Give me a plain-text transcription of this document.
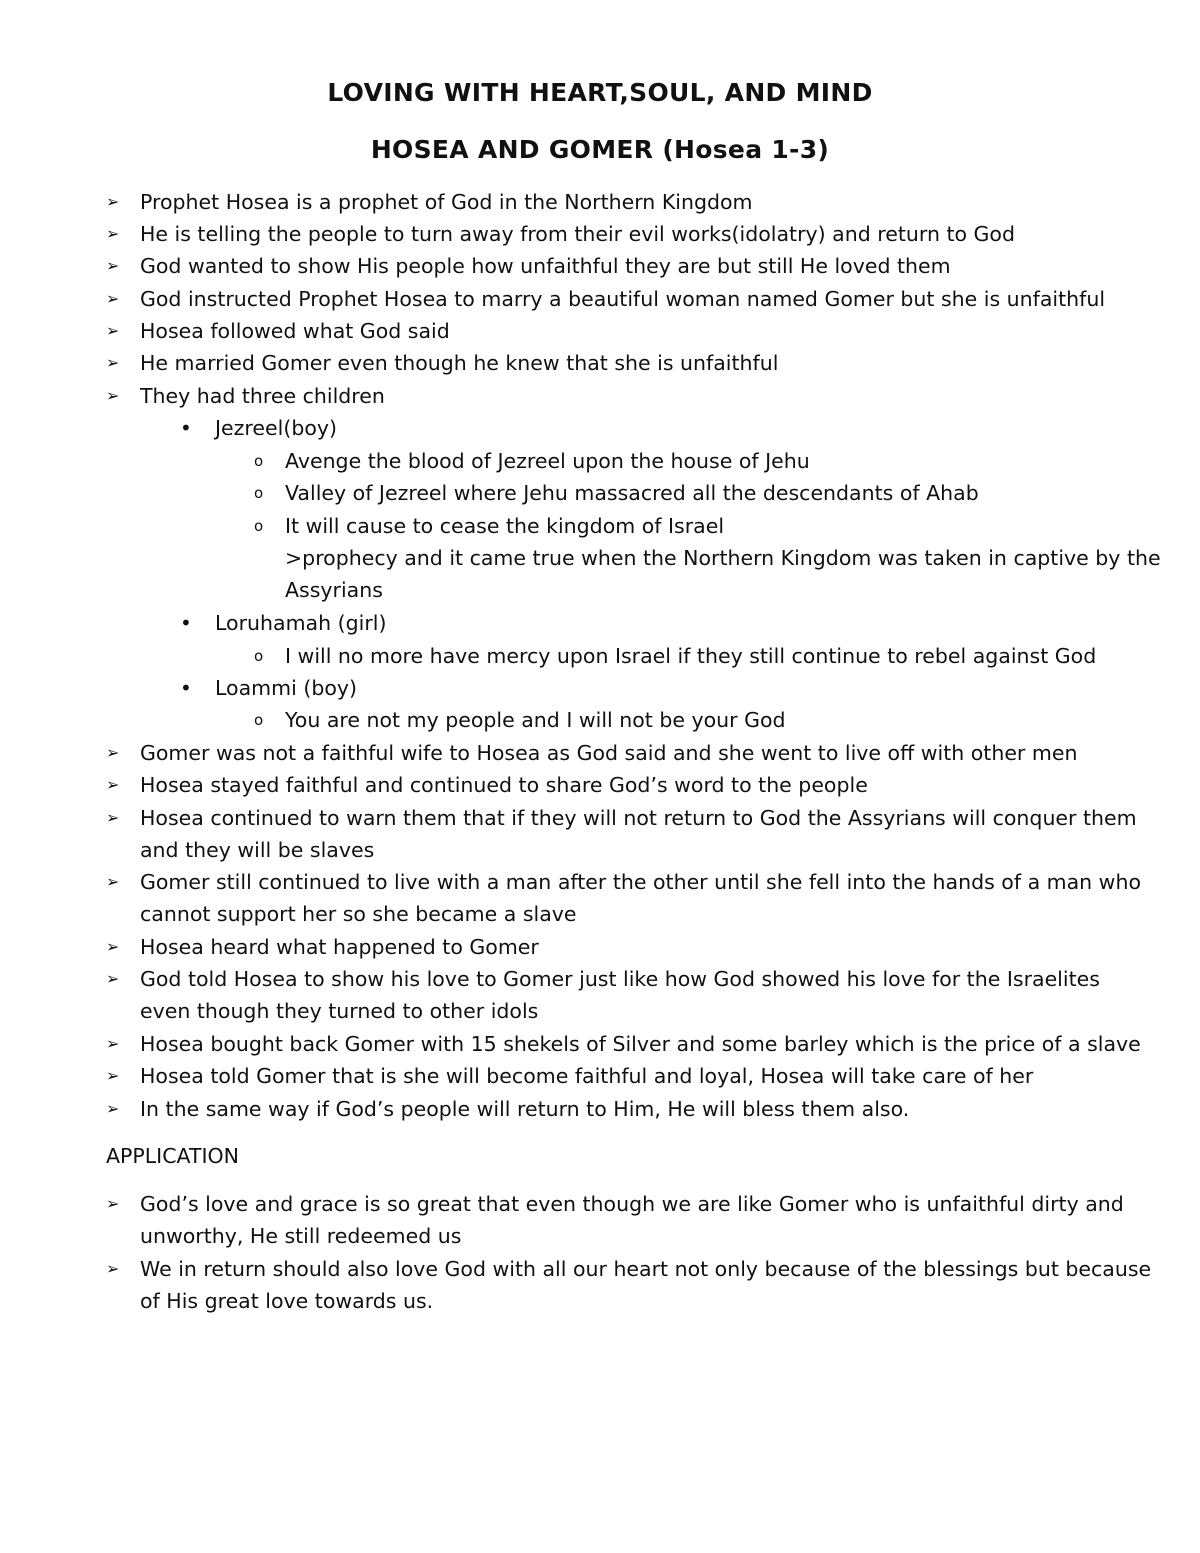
LOVING WITH HEART,SOUL, AND MIND
HOSEA AND GOMER (Hosea 1-3)
➢ Prophet Hosea is a prophet of God in the Northern Kingdom
➢ He is telling the people to turn away from their evil works(idolatry) and return to God
➢ God wanted to show His people how unfaithful they are but still He loved them
➢ God instructed Prophet Hosea to marry a beautiful woman named Gomer but she is unfaithful
➢ Hosea followed what God said
➢ He married Gomer even though he knew that she is unfaithful
➢ They had three children
• Jezreel(boy)
o Avenge the blood of Jezreel upon the house of Jehu
o Valley of Jezreel where Jehu massacred all the descendants of Ahab
o It will cause to cease the kingdom of Israel
>prophecy and it came true when the Northern Kingdom was taken in captive by the
Assyrians
• Loruhamah (girl)
o I will no more have mercy upon Israel if they still continue to rebel against God
• Loammi (boy)
o You are not my people and I will not be your God
➢ Gomer was not a faithful wife to Hosea as God said and she went to live off with other men
➢ Hosea stayed faithful and continued to share God’s word to the people
➢ Hosea continued to warn them that if they will not return to God the Assyrians will conquer them
and they will be slaves
➢ Gomer still continued to live with a man after the other until she fell into the hands of a man who
cannot support her so she became a slave
➢ Hosea heard what happened to Gomer
➢ God told Hosea to show his love to Gomer just like how God showed his love for the Israelites
even though they turned to other idols
➢ Hosea bought back Gomer with 15 shekels of Silver and some barley which is the price of a slave
➢ Hosea told Gomer that is she will become faithful and loyal, Hosea will take care of her
➢ In the same way if God’s people will return to Him, He will bless them also.
APPLICATION
➢ God’s love and grace is so great that even though we are like Gomer who is unfaithful dirty and
unworthy, He still redeemed us
➢ We in return should also love God with all our heart not only because of the blessings but because
of His great love towards us.
